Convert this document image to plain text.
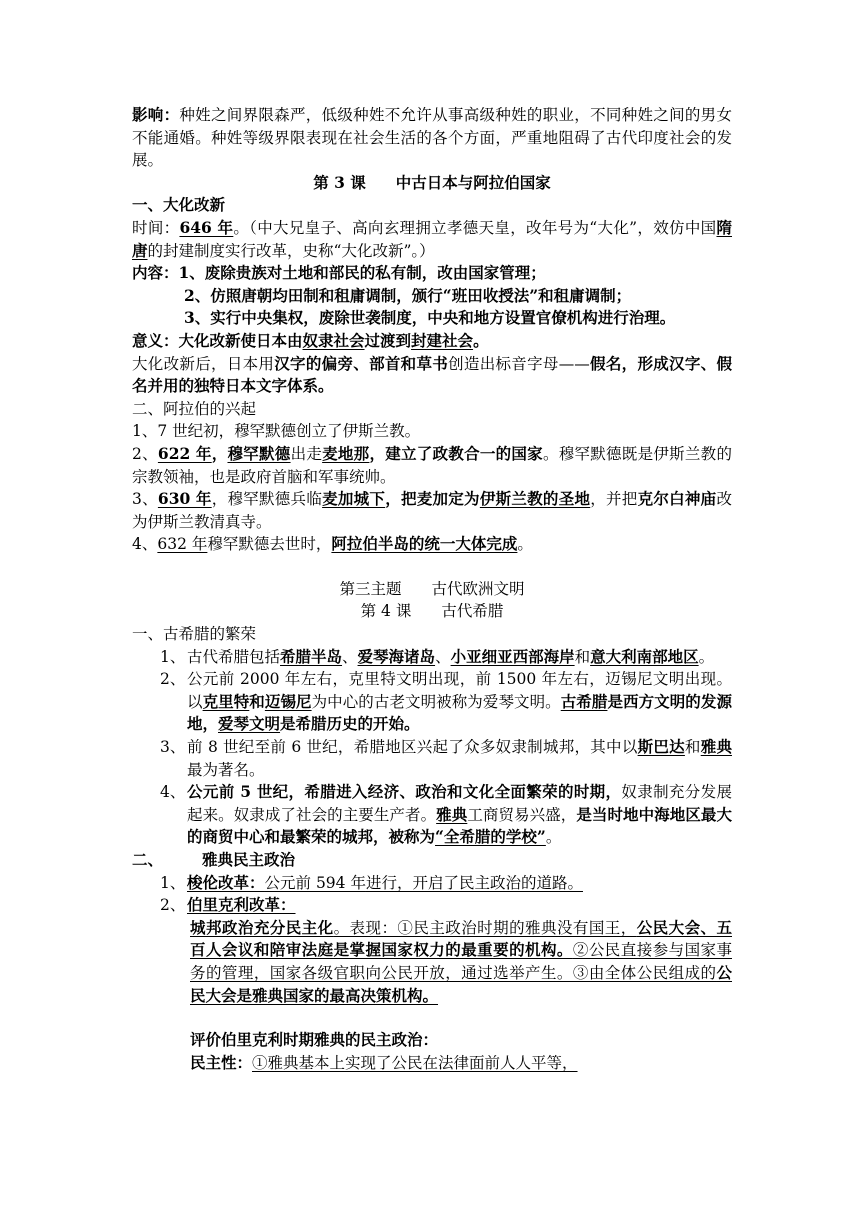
影响：种姓之间界限森严，低级种姓不允许从事高级种姓的职业，不同种姓之间的男女不能通婚。种姓等级界限表现在社会生活的各个方面，严重地阻碍了古代印度社会的发展。

第 3 课 中古日本与阿拉伯国家

一、大化改新

时间：646 年。（中大兄皇子、高向玄理拥立孝德天皇，改年号为“大化”，效仿中国隋唐的封建制度实行改革，史称“大化改新”。）

内容：1、废除贵族对土地和部民的私有制，改由国家管理；

2、仿照唐朝均田制和租庸调制，颁行“班田收授法”和租庸调制；

3、实行中央集权，废除世袭制度，中央和地方设置官僚机构进行治理。

意义：大化改新使日本由奴隶社会过渡到封建社会。

大化改新后，日本用汉字的偏旁、部首和草书创造出标音字母——假名，形成汉字、假名并用的独特日本文字体系。

二、阿拉伯的兴起

1、7 世纪初，穆罕默德创立了伊斯兰教。

2、622 年，穆罕默德出走麦地那，建立了政教合一的国家。穆罕默德既是伊斯兰教的宗教领袖，也是政府首脑和军事统帅。

3、630 年，穆罕默德兵临麦加城下，把麦加定为伊斯兰教的圣地，并把克尔白神庙改为伊斯兰教清真寺。

4、632 年穆罕默德去世时，阿拉伯半岛的统一大体完成。

第三主题 古代欧洲文明

第 4 课 古代希腊

一、古希腊的繁荣

1、 古代希腊包括希腊半岛、爱琴海诸岛、小亚细亚西部海岸和意大利南部地区。
2、 公元前 2000 年左右，克里特文明出现，前 1500 年左右，迈锡尼文明出现。以克里特和迈锡尼为中心的古老文明被称为爱琴文明。古希腊是西方文明的发源地，爱琴文明是希腊历史的开始。
3、 前 8 世纪至前 6 世纪，希腊地区兴起了众多奴隶制城邦，其中以斯巴达和雅典最为著名。
4、 公元前 5 世纪，希腊进入经济、政治和文化全面繁荣的时期，奴隶制充分发展起来。奴隶成了社会的主要生产者。雅典工商贸易兴盛，是当时地中海地区最大的商贸中心和最繁荣的城邦，被称为“全希腊的学校”。

二、	雅典民主政治

1、 梭伦改革：公元前 594 年进行，开启了民主政治的道路。
2、 伯里克利改革：

城邦政治充分民主化。表现：①民主政治时期的雅典没有国王，公民大会、五百人会议和陪审法庭是掌握国家权力的最重要的机构。②公民直接参与国家事务的管理，国家各级官职向公民开放，通过选举产生。③由全体公民组成的公民大会是雅典国家的最高决策机构。

评价伯里克利时期雅典的民主政治：

民主性：①雅典基本上实现了公民在法律面前人人平等，
